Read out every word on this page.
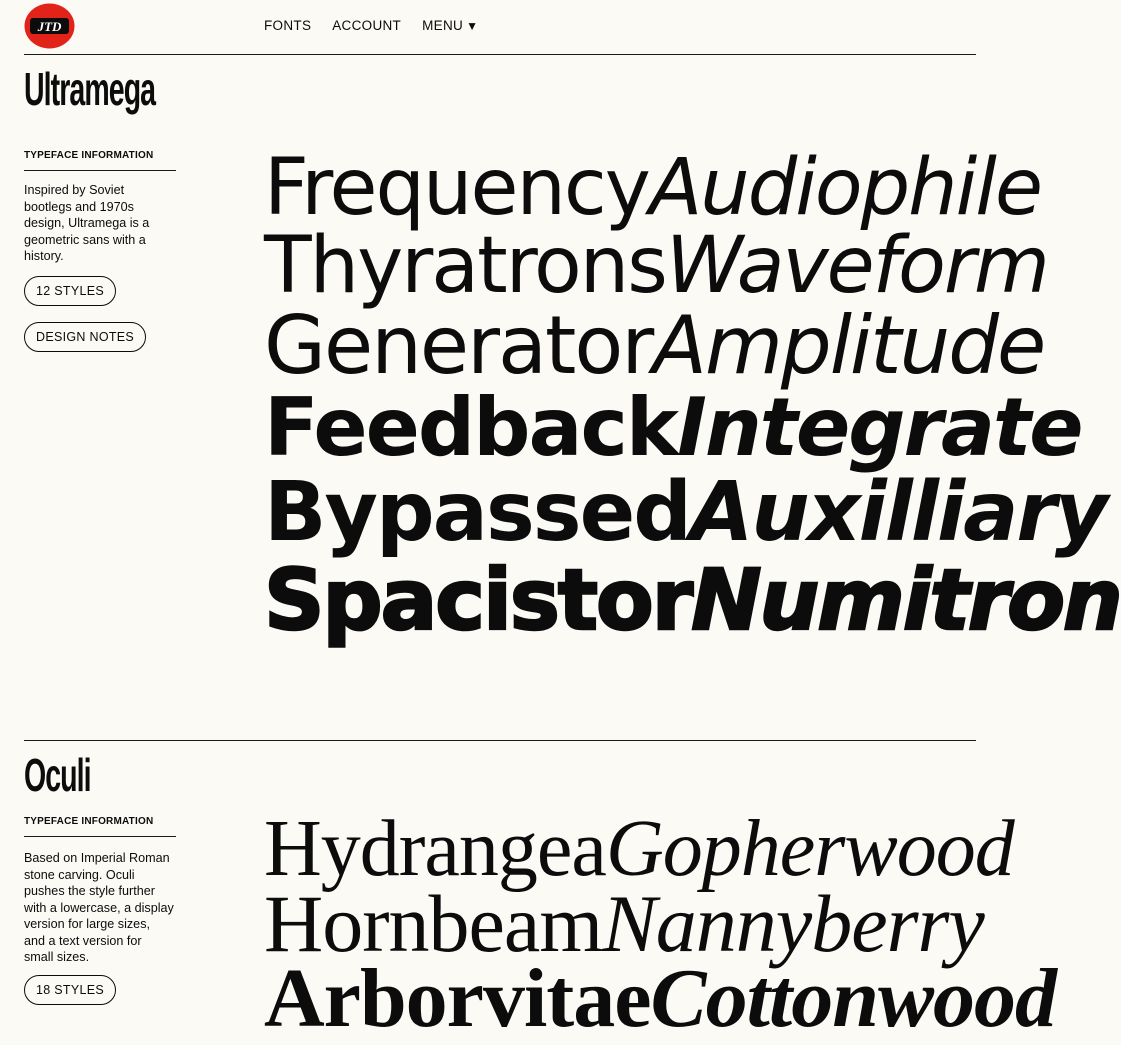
JTD	FONTS ACCOUNT MENU ▼
Ultramega
TYPEFACE INFORMATION
Inspired by Soviet bootlegs and 1970s design, Ultramega is a geometric sans with a history.
12 STYLES
DESIGN NOTES
FrequencyAudiophile
ThyratronsWaveform
GeneratorAmplitude
FeedbackIntegrate
BypassedAuxilliary
SpacistorNumitron
Oculi
TYPEFACE INFORMATION
Based on Imperial Roman stone carving. Oculi pushes the style further with a lowercase, a display version for large sizes, and a text version for small sizes.
18 STYLES
HydrangeaGopherwood
HornbeamNannyberry
ArborvitaeCottonwood
